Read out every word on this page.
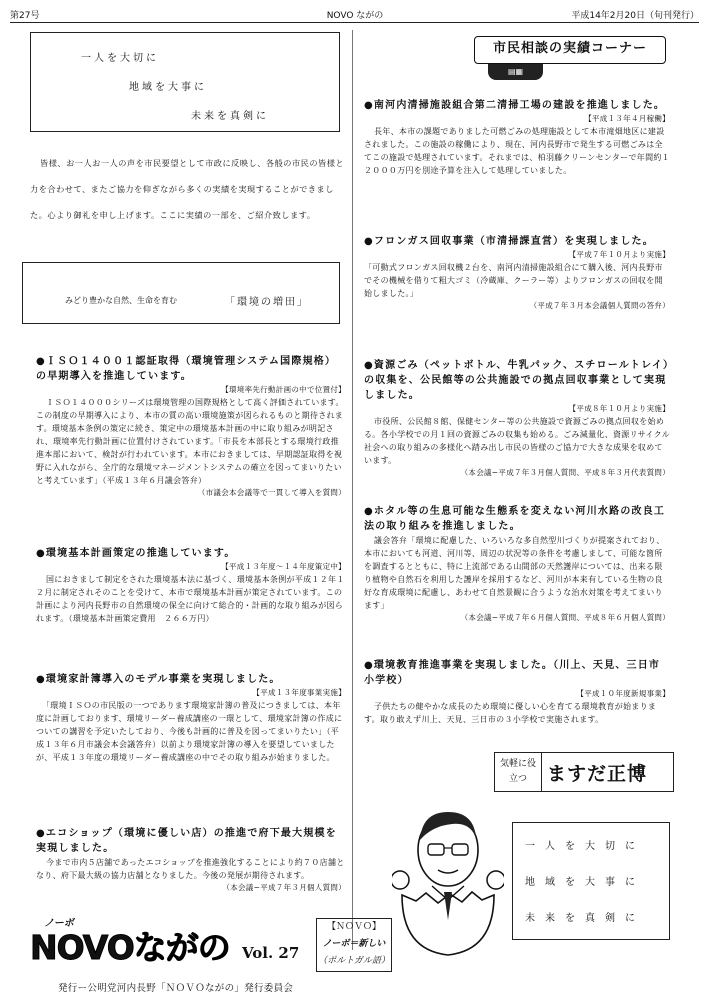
第27号	NOVO ながの	平成14年2月20日（旬刊発行）
一人を大切に
地域を大事に
未来を真剣に
皆様、お一人お一人の声を市民要望として市政に反映し、各般の市民の皆様と力を合わせて、またご協力を仰ぎながら多くの実績を実現することができました。心より御礼を申し上げます。ここに実績の一部を、ご紹介致します。
みどり豊かな自然、生命を育む	「環境の増田」
市民相談の実績コーナー
▤▦
●ＩＳＯ１４００１認証取得（環境管理システム国際規格）の早期導入を推進しています。
【環境率先行動計画の中で位置付】
ＩＳＯ１４０００シリーズは環境管理の国際規格として高く評価されています。この制度の早期導入により、本市の質の高い環境施策が図られるものと期待されます。環境基本条例の策定に続き、策定中の環境基本計画の中に取り組みが明記され、環境率先行動計画に位置付けされています。「市長を本部長とする環境行政推進本部において、検討が行われています。本市におきましては、早期認証取得を視野に入れながら、全庁的な環境マネージメントシステムの確立を図ってまいりたいと考えています」（平成１３年６月議会答弁）
（市議会本会議等で一貫して導入を質問）
●環境基本計画策定の推進しています。
【平成１３年度〜１４年度策定中】
国におきまして制定をされた環境基本法に基づく、環境基本条例が平成１２年１２月に制定されそのことを受けて、本市で環境基本計画が策定されています。この計画により河内長野市の自然環境の保全に向けて総合的・計画的な取り組みが図られます。（環境基本計画策定費用　２６６万円）
●環境家計簿導入のモデル事業を実現しました。
【平成１３年度事業実施】
「環境ＩＳＯの市民版の一つであります環境家計簿の普及につきましては、本年度に計画しております、環境リーダー養成講座の一環として、環境家計簿の作成についての講習を予定いたしており、今後も計画的に普及を図ってまいりたい」（平成１３年６月市議会本会議答弁）以前より環境家計簿の導入を要望していましたが、平成１３年度の環境リーダー養成講座の中でその取り組みが始まりました。
●エコショップ（環境に優しい店）の推進で府下最大規模を実現しました。
今まで市内５店舗であったエコショップを推進強化することにより約７０店舗となり、府下最大級の協力店舗となりました。今後の発展が期待されます。
（本会議−平成７年３月個人質問）
●南河内清掃施設組合第二清掃工場の建設を推進しました。
【平成１３年４月稼働】
長年、本市の課題でありました可燃ごみの処理施設として本市滝畑地区に建設されました。この施設の稼働により、現在、河内長野市で発生する可燃ごみは全てこの施設で処理されています。それまでは、柏羽藤クリーンセンターで年間約１２０００万円を別途予算を注入して処理していました。
●フロンガス回収事業（市清掃課直営）を実現しました。
【平成７年１０月より実施】
「可動式フロンガス回収機２台を、南河内清掃施設組合にて購入後、河内長野市でその機械を借りて粗大ゴミ（冷蔵庫、クーラー等）よりフロンガスの回収を開始しました。」
（平成７年３月本会議個人質問の答弁）
●資源ごみ（ペットボトル、牛乳パック、スチロールトレイ）の収集を、公民館等の公共施設での拠点回収事業として実現しました。
【平成８年１０月より実施】
市役所、公民館８館、保健センター等の公共施設で資源ごみの拠点回収を始める。各小学校での月１回の資源ごみの収集も始める。ごみ減量化、資源リサイクル社会への取り組みの多様化へ踏み出し市民の皆様のご協力で大きな成果を収めています。
（本会議−平成７年３月個人質問、平成８年３月代表質問）
●ホタル等の生息可能な生態系を変えない河川水路の改良工法の取り組みを推進しました。
議会答弁「環境に配慮した、いろいろな多自然型川づくりが提案されており、本市においても河道、河川等、周辺の状況等の条件を考慮しまして、可能な箇所を調査するとともに、特に上流部である山間部の天然護岸については、出来る限り植物や自然石を利用した護岸を採用するなど、河川が本来有している生物の良好な育成環境に配慮し、あわせて自然景観に合うような治水対策を考えてまいります」
（本会議−平成７年６月個人質問、平成８年６月個人質問）
●環境教育推進事業を実現しました。（川上、天見、三日市小学校）
【平成１０年度新規事業】
子供たちの健やかな成長のため環境に優しい心を育てる環境教育が始まります。取り敢えず川上、天見、三日市の３小学校で実施されます。
気軽に役立つ	ますだ正博
一人を大切に
地域を大事に
未来を真剣に
ノーボ
NOVOながの Vol. 27
【ＮＯＶＯ】
ノーボ＝新しい
（ポルトガル語）
発行ー公明党河内長野「ＮＯＶＯながの」発行委員会
